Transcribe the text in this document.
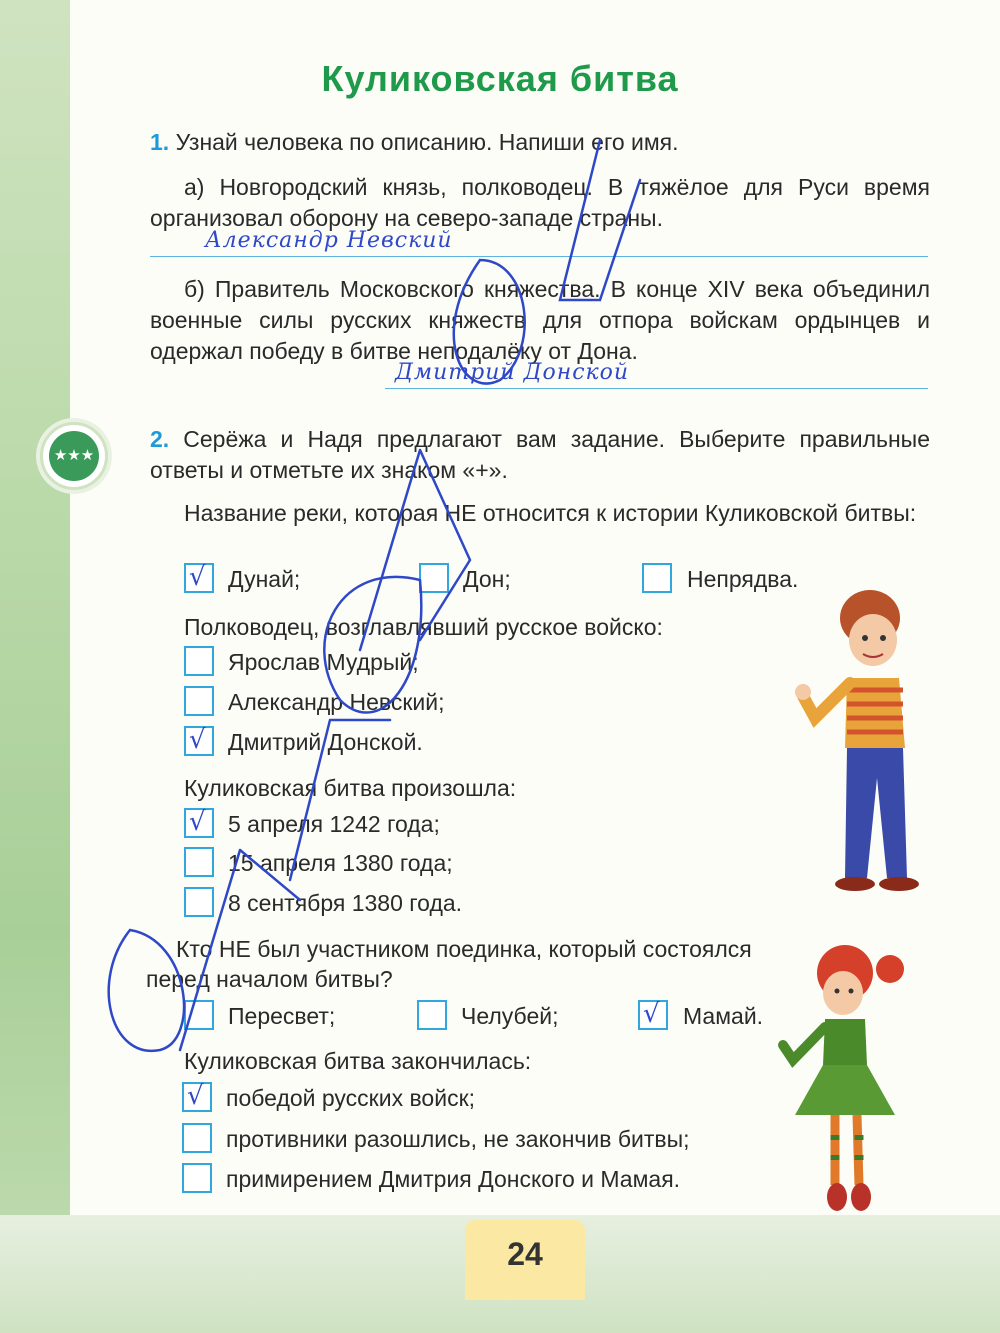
★★★
Куликовская битва
1. Узнай человека по описанию. Напиши его имя.
а) Новгородский князь, полководец. В тяжёлое для Руси время организовал оборону на северо-западе страны.
Александр Невский
б) Правитель Московского княжества. В конце XIV века объединил военные силы русских княжеств для отпора войскам ордынцев и одержал победу в битве неподалёку от Дона.
Дмитрий Донской
2. Серёжа и Надя предлагают вам задание. Выберите правильные ответы и отметьте их знаком «+».
Название реки, которая НЕ относится к истории Куликовской битвы:
√ Дунай;	Дон;	Непрядва.
Полководец, возглавлявший русское войско:
Ярослав Мудрый;
Александр Невский;
√ Дмитрий Донской.
Куликовская битва произошла:
√ 5 апреля 1242 года;
15 апреля 1380 года;
8 сентября 1380 года.
Кто НЕ был участником поединка, который состоялся перед началом битвы?
Пересвет;	Челубей;	√ Мамай.
Куликовская битва закончилась:
√ победой русских войск;
противники разошлись, не закончив битвы;
примирением Дмитрия Донского и Мамая.
24
